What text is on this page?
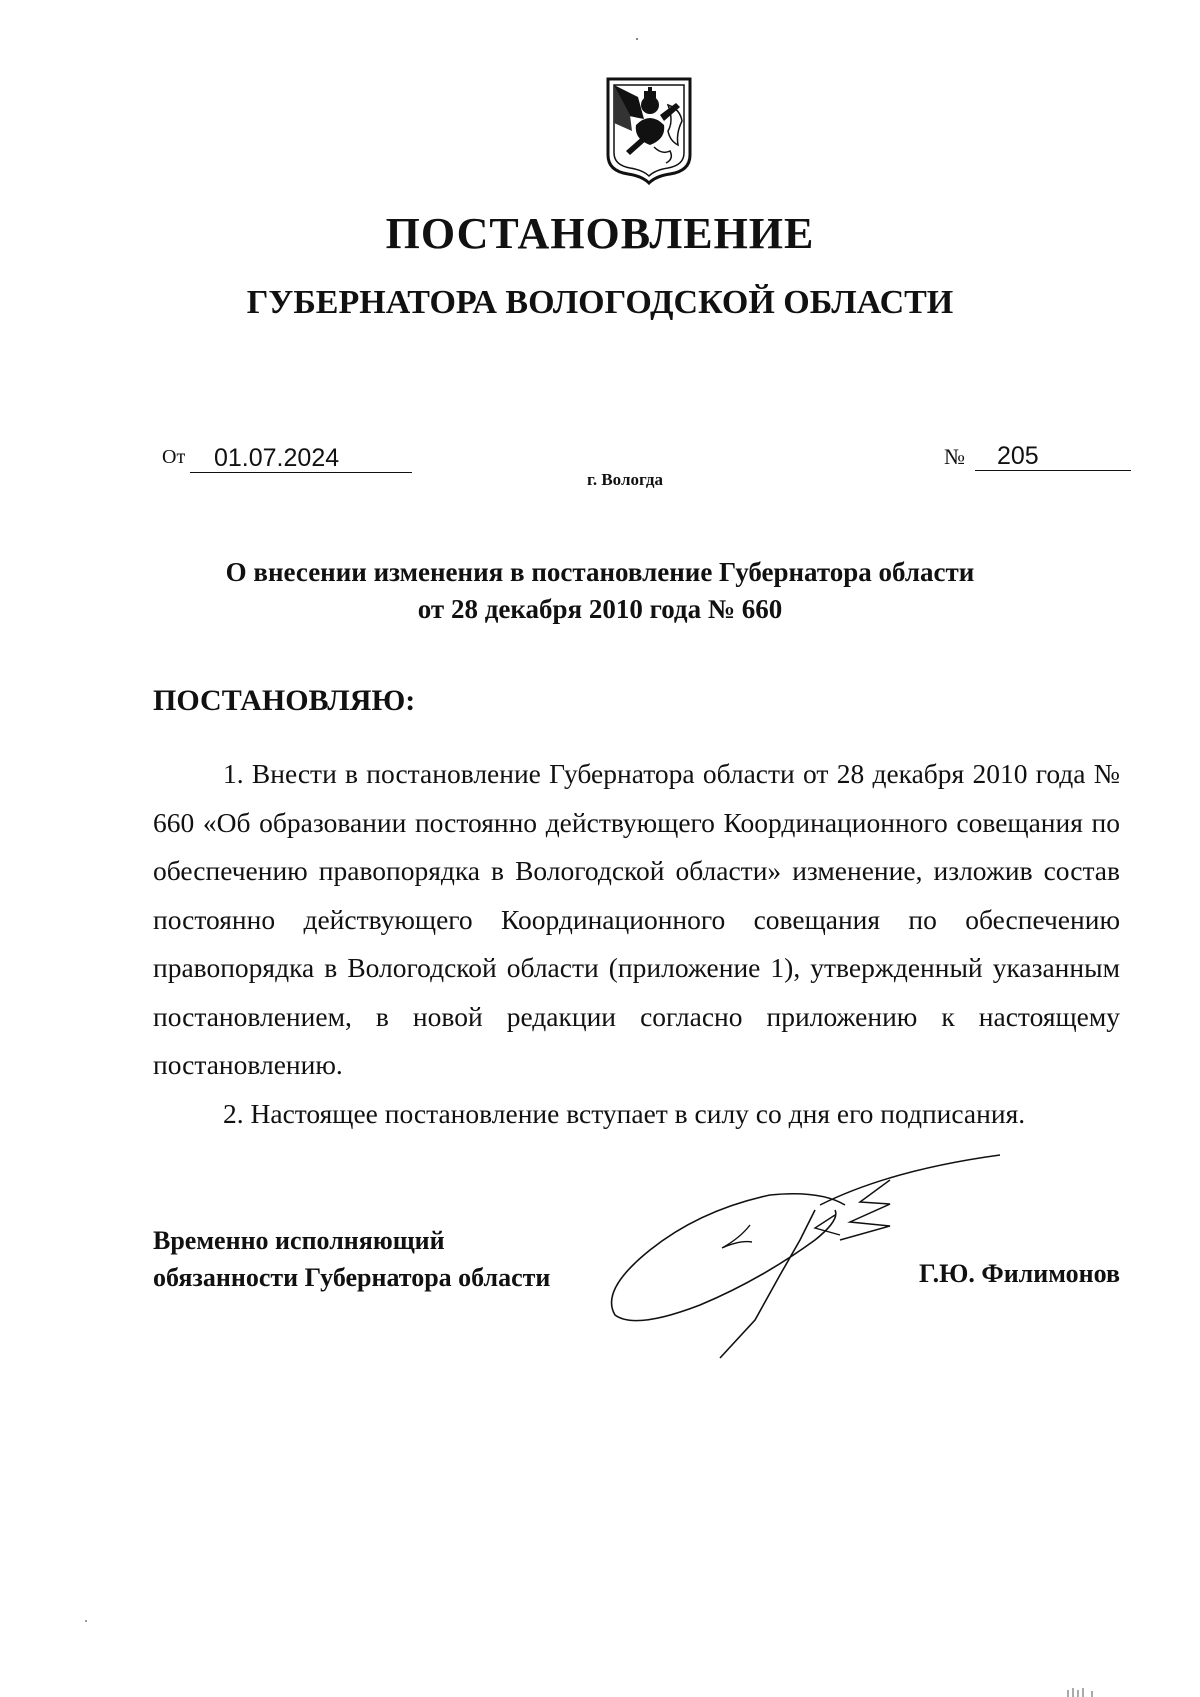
ПОСТАНОВЛЕНИЕ
ГУБЕРНАТОРА ВОЛОГОДСКОЙ ОБЛАСТИ
От	01.07.2024	№	205
г. Вологда
О внесении изменения в постановление Губернатора области
от 28 декабря 2010 года № 660
ПОСТАНОВЛЯЮ:

1. Внести в постановление Губернатора области от 28 декабря 2010 года № 660 «Об образовании постоянно действующего Координационного совещания по обеспечению правопорядка в Вологодской области» изменение, изложив состав постоянно действующего Координационного совещания по обеспечению правопорядка в Вологодской области (приложение 1), утвержденный указанным постановлением, в новой редакции согласно приложению к настоящему постановлению.

2. Настоящее постановление вступает в силу со дня его подписания.

Временно исполняющий
обязанности Губернатора области	Г.Ю. Филимонов
